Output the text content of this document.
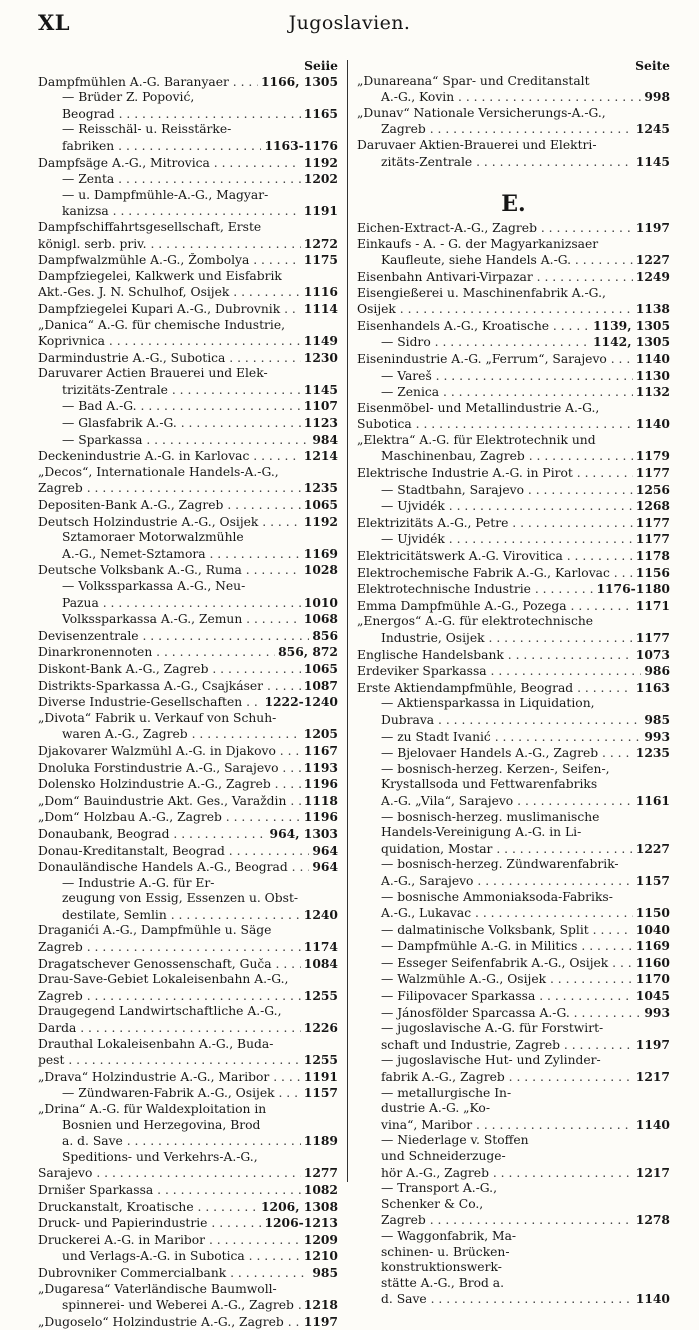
XL	Jugoslavien.
Seiie
Dampfmühlen A.-G. Baranyaer . . .	1166, 1305
— Brüder Z. Popović,
Beograd . . .	1165
— Reisschäl- u. Reisstärke-
fabriken . . .	1163-1176
Dampfsäge A.-G., Mitrovica . . .	1192
— Zenta . . .	1202
— u. Dampfmühle-A.-G., Magyar-
kanizsa . . .	1191
Dampfschiffahrtsgesellschaft, Erste
königl. serb. priv. . . .	1272
Dampfwalzmühle A.-G., Žombolya . . .	1175
Dampfziegelei, Kalkwerk und Eisfabrik
Akt.-Ges. J. N. Schulhof, Osijek . . .	1116
Dampfziegelei Kupari A.-G., Dubrovnik . . .	1114
„Danica“ A.-G. für chemische Industrie,
Koprivnica . . .	1149
Darmindustrie A.-G., Subotica . . .	1230
Daruvarer Actien Brauerei und Elek-
trizitäts-Zentrale . . .	1145
— Bad A.-G. . . .	1107
— Glasfabrik A.-G. . . .	1123
— Sparkassa . . .	984
Deckenindustrie A.-G. in Karlovac . . .	1214
„Decos“, Internationale Handels-A.-G.,
Zagreb . . .	1235
Depositen-Bank A.-G., Zagreb . . .	1065
Deutsch Holzindustrie A.-G., Osijek . . .	1192
Sztamoraer Motorwalzmühle
A.-G., Nemet-Sztamora . . .	1169
Deutsche Volksbank A.-G., Ruma . . .	1028
— Volkssparkassa A.-G., Neu-
Pazua . . .	1010
Volkssparkassa A.-G., Zemun . . .	1068
Devisenzentrale . . .	856
Dinarkronennoten . . .	856, 872
Diskont-Bank A.-G., Zagreb . . .	1065
Distrikts-Sparkassa A.-G., Csajkáser . . .	1087
Diverse Industrie-Gesellschaften . . .	1222-1240
„Divota“ Fabrik u. Verkauf von Schuh-
waren A.-G., Zagreb . . .	1205
Djakovarer Walzmühl A.-G. in Djakovo . . .	1167
Dnoluka Forstindustrie A.-G., Sarajevo . . .	1193
Dolensko Holzindustrie A.-G., Zagreb . . .	1196
„Dom“ Bauindustrie Akt. Ges., Varaždin . . .	1118
„Dom“ Holzbau A.-G., Zagreb . . .	1196
Donaubank, Beograd . . .	964, 1303
Donau-Kreditanstalt, Beograd . . .	964
Donauländische Handels A.-G., Beograd . . .	964
— Industrie A.-G. für Er-
zeugung von Essig, Essenzen u. Obst-
destilate, Semlin . . .	1240
Draganići A.-G., Dampfmühle u. Säge
Zagreb . . .	1174
Dragatschever Genossenschaft, Guča . . .	1084
Drau-Save-Gebiet Lokaleisenbahn A.-G.,
Zagreb . . .	1255
Draugegend Landwirtschaftliche A.-G.,
Darda . . .	1226
Drauthal Lokaleisenbahn A.-G., Buda-
pest . . .	1255
„Drava“ Holzindustrie A.-G., Maribor . . .	1191
— Zündwaren-Fabrik A.-G., Osijek . . .	1157
„Drina“ A.-G. für Waldexploitation in
Bosnien und Herzegovina, Brod
a. d. Save . . .	1189
Speditions- und Verkehrs-A.-G.,
Sarajevo . . .	1277
Drnišer Sparkassa . . .	1082
Druckanstalt, Kroatische . . .	1206, 1308
Druck- und Papierindustrie . . .	1206-1213
Druckerei A.-G. in Maribor . . .	1209
und Verlags-A.-G. in Subotica . . .	1210
Dubrovniker Commercialbank . . .	985
„Dugaresa“ Vaterländische Baumwoll-
spinnerei- und Weberei A.-G., Zagreb . . . 1218
„Dugoselo“ Holzindustrie A.-G., Zagreb . . .	1197
Seite
„Dunareana“ Spar- und Creditanstalt
A.-G., Kovin . . .	998
„Dunav“ Nationale Versicherungs-A.-G.,
Zagreb . . .	1245
Daruvaer Aktien-Brauerei und Elektri-
zitäts-Zentrale . . .	1145
E.
Eichen-Extract-A.-G., Zagreb . . .	1197
Einkaufs - A. - G. der Magyarkanizsaer
Kaufleute, siehe Handels A.-G. . . .	1227
Eisenbahn Antivari-Virpazar . . .	1249
Eisengießerei u. Maschinenfabrik A.-G.,
Osijek . . .	1138
Eisenhandels A.-G., Kroatische . . .	1139, 1305
— Sidro . . .	1142, 1305
Eisenindustrie A.-G. „Ferrum“, Sarajevo . . .	1140
— Vareš . . .	1130
— Zenica . . .	1132
Eisenmöbel- und Metallindustrie A.-G.,
Subotica . . .	1140
„Elektra“ A.-G. für Elektrotechnik und
Maschinenbau, Zagreb . . .	1179
Elektrische Industrie A.-G. in Pirot . . .	1177
— Stadtbahn, Sarajevo . . .	1256
— Ujvidék . . .	1268
Elektrizitäts A.-G., Petre . . .	1177
— Ujvidék . . .	1177
Elektricitätswerk A.-G. Virovitica . . .	1178
Elektrochemische Fabrik A.-G., Karlovac . . .	1156
Elektrotechnische Industrie . . .	1176-1180
Emma Dampfmühle A.-G., Pozega . . .	1171
„Energos“ A.-G. für elektrotechnische
Industrie, Osijek . . .	1177
Englische Handelsbank . . .	1073
Erdeviker Sparkassa . . .	986
Erste Aktiendampfmühle, Beograd . . .	1163
— Aktiensparkassa in Liquidation,
Dubrava . . .	985
— zu Stadt Ivanić . . .	993
— Bjelovaer Handels A.-G., Zagreb . . .	1235
— bosnisch-herzeg. Kerzen-, Seifen-,
Krystallsoda und Fettwarenfabriks
A.-G. „Vila“, Sarajevo . . .	1161
— bosnisch-herzeg. muslimanische
Handels-Vereinigung A.-G. in Li-
quidation, Mostar . . .	1227
— bosnisch-herzeg. Zündwarenfabrik-
A.-G., Sarajevo . . .	1157
— bosnische Ammoniaksoda-Fabriks-
A.-G., Lukavac . . .	1150
— dalmatinische Volksbank, Split . . .	1040
— Dampfmühle A.-G. in Militics . . .	1169
— Esseger Seifenfabrik A.-G., Osijek . . .	1160
— Walzmühle A.-G., Osijek . . .	1170
— Filipovacer Sparkassa . . .	1045
— Jánosfölder Sparcassa A.-G. . . .	993
— jugoslavische A.-G. für Forstwirt-
schaft und Industrie, Zagreb . . .	1197
— jugoslavische Hut- und Zylinder-
fabrik A.-G., Zagreb . . .	1217
— metallurgische In-
dustrie A.-G. „Ko-
vina“, Maribor . . .	1140
— Niederlage v. Stoffen
und Schneiderzuge-
hör A.-G., Zagreb . . .	1217
— Transport A.-G.,
Schenker & Co.,
Zagreb . . .	1278
— Waggonfabrik, Ma-
schinen- u. Brücken-
konstruktionswerk-
stätte A.-G., Brod a.
d. Save . . .	1140
